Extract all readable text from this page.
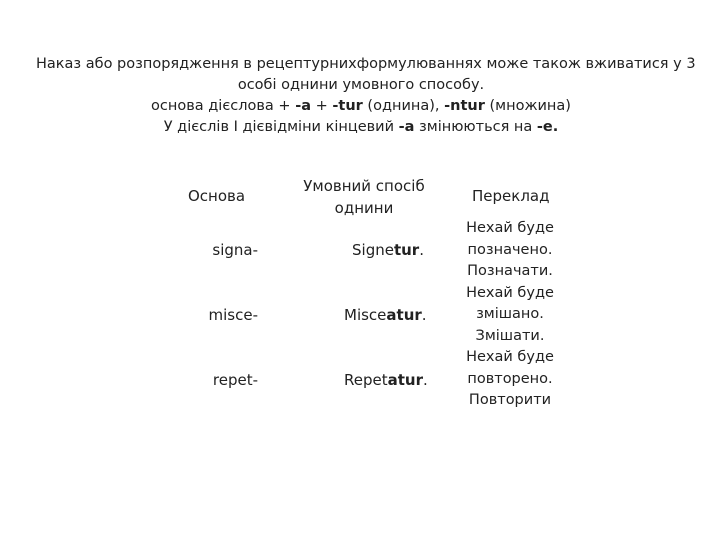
Наказ або розпорядження в рецептурнихформулюваннях може також вживатися у 3
особі однини умовного способу.
основа дієслова + -a + -tur (однина), -ntur (множина)
У дієслів I дієвідміни кінцевий -a змінюються на -e.
Основа
Умовний спосіб
однини
Переклад
signa-
misce-
repet-
Signetur.
Misceatur.
Repetatur.
Нехай буде
позначено.
Позначати.
Нехай буде
змішано.
Змішати.
Нехай буде
повторено.
Повторити
